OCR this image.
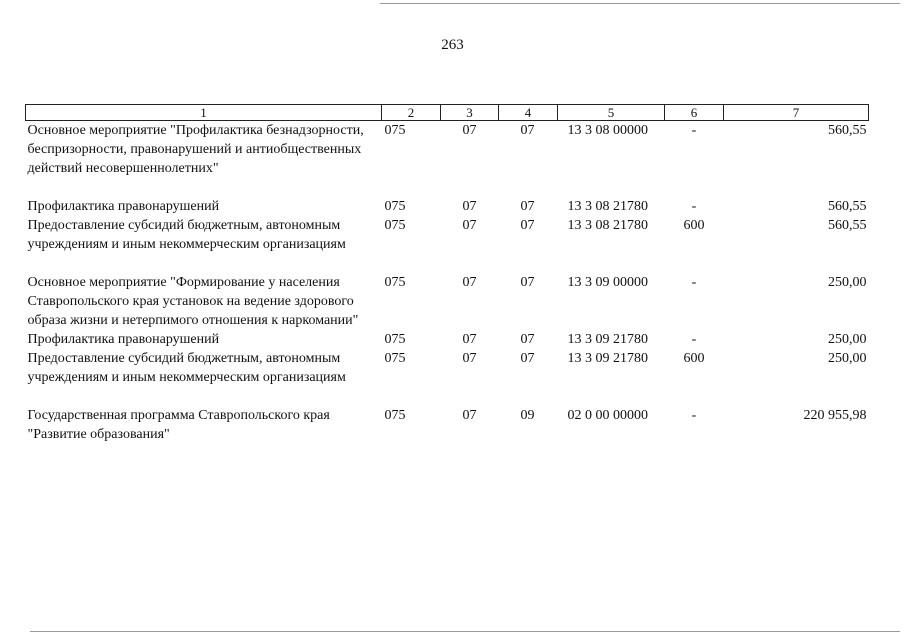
263
1	2	3	4	5	6	7
Основное мероприятие "Профилактика безнадзорности, беспризорности, правонарушений и антиобщественных действий несовершеннолетних"	075	07	07	13 3 08 00000	-	560,55

Профилактика правонарушений	075	07	07	13 3 08 21780	-	560,55
Предоставление субсидий бюджетным, автономным учреждениям и иным некоммерческим организациям	075	07	07	13 3 08 21780	600	560,55

Основное мероприятие "Формирование у населения Ставропольского края установок на ведение здорового образа жизни и нетерпимого отношения к наркомании"	075	07	07	13 3 09 00000	-	250,00
Профилактика правонарушений	075	07	07	13 3 09 21780	-	250,00
Предоставление субсидий бюджетным, автономным учреждениям и иным некоммерческим организациям	075	07	07	13 3 09 21780	600	250,00

Государственная программа Ставропольского края "Развитие образования"	075	07	09	02 0 00 00000	-	220 955,98
